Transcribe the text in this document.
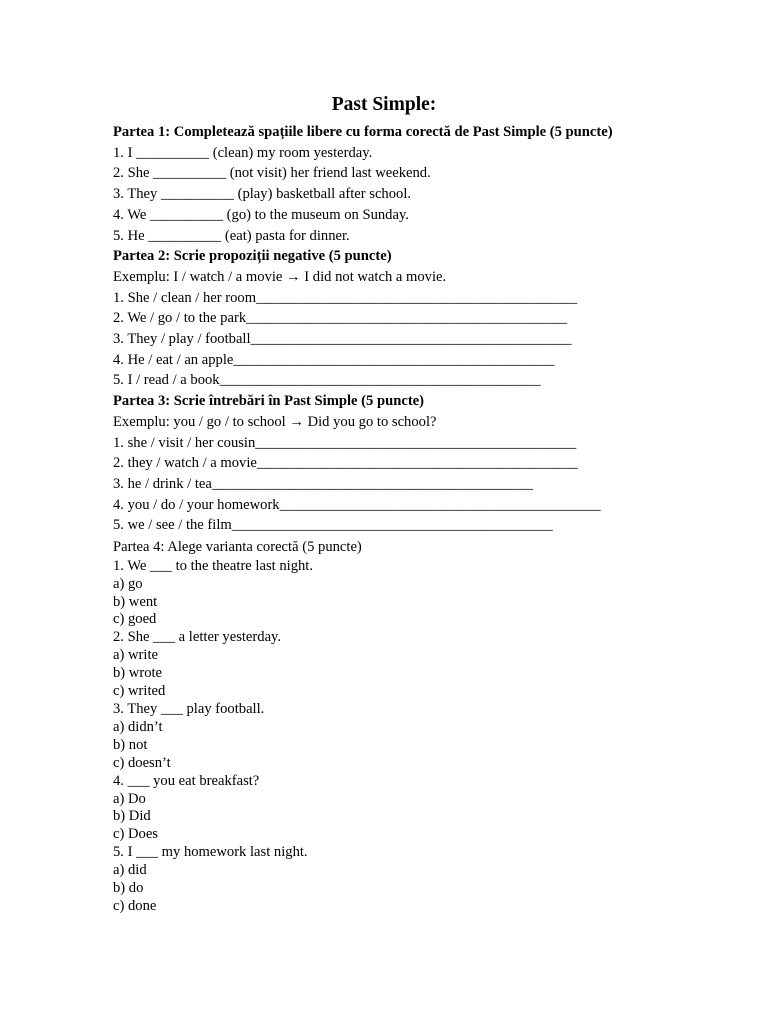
Past Simple:
Partea 1: Completează spațiile libere cu forma corectă de Past Simple (5 puncte)
1. I __________ (clean) my room yesterday.
2. She __________ (not visit) her friend last weekend.
3. They __________ (play) basketball after school.
4. We __________ (go) to the museum on Sunday.
5. He __________ (eat) pasta for dinner.
Partea 2: Scrie propoziții negative (5 puncte)
Exemplu: I / watch / a movie → I did not watch a movie.
1. She / clean / her room____________________________________________
2. We / go / to the park____________________________________________
3. They / play / football____________________________________________
4. He / eat / an apple____________________________________________
5. I / read / a book____________________________________________
Partea 3: Scrie întrebări în Past Simple (5 puncte)
Exemplu: you / go / to school → Did you go to school?
1. she / visit / her cousin____________________________________________
2. they / watch / a movie____________________________________________
3. he / drink / tea____________________________________________
4. you / do / your homework____________________________________________
5. we / see / the film____________________________________________
Partea 4: Alege varianta corectă (5 puncte)
1. We ___ to the theatre last night.
a) go
b) went
c) goed
2. She ___ a letter yesterday.
a) write
b) wrote
c) writed
3. They ___ play football.
a) didn’t
b) not
c) doesn’t
4. ___ you eat breakfast?
a) Do
b) Did
c) Does
5. I ___ my homework last night.
a) did
b) do
c) done
